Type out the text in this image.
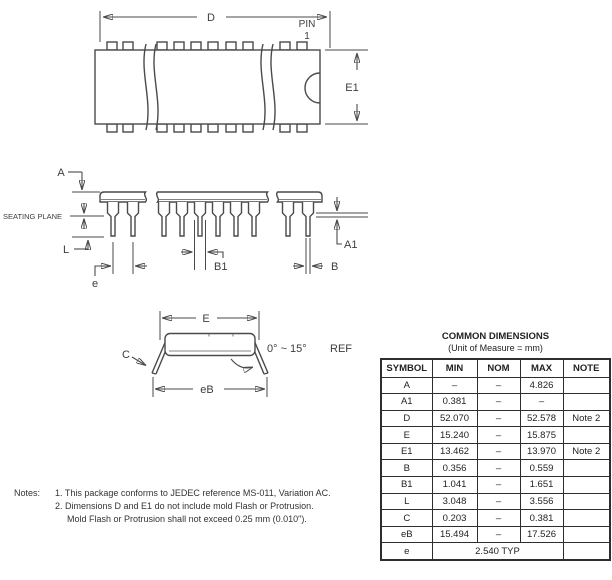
D
PIN
1
E1
A
SEATING PLANE
L
e
B1	B
A1
E
C	0° ~ 15° REF
eB
COMMON DIMENSIONS
(Unit of Measure = mm)
SYMBOL	MIN	NOM	MAX	NOTE
A	–	–	4.826	
A1	0.381	–	–	
D	52.070	–	52.578	Note 2
E	15.240	–	15.875	
E1	13.462	–	13.970	Note 2
B	0.356	–	0.559	
B1	1.041	–	1.651	
L	3.048	–	3.556	
C	0.203	–	0.381	
eB	15.494	–	17.526	
e	2.540 TYP			
Notes: 1. This package conforms to JEDEC reference MS-011, Variation AC.
2. Dimensions D and E1 do not include mold Flash or Protrusion.
Mold Flash or Protrusion shall not exceed 0.25 mm (0.010").
